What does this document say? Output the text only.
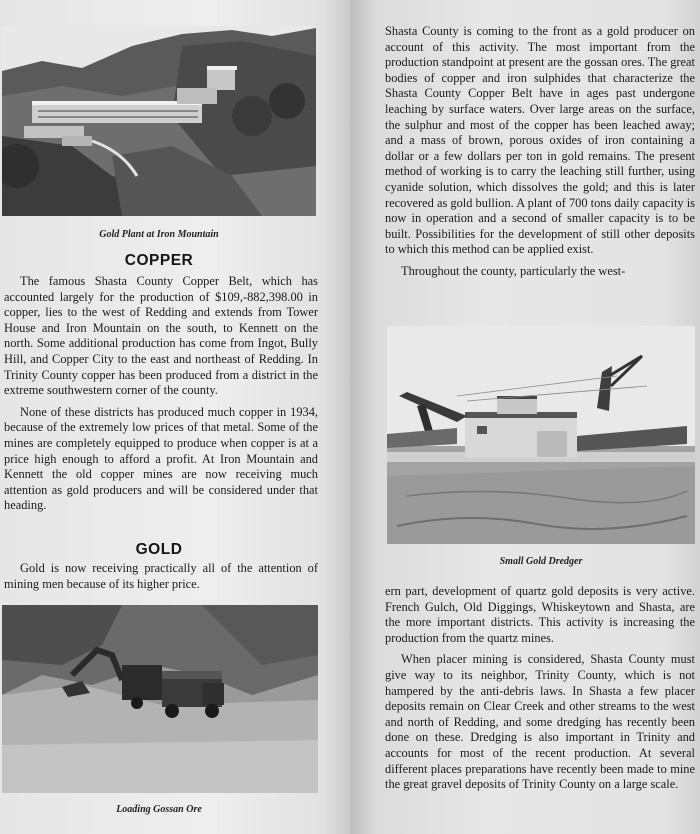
Gold Plant at Iron Mountain
COPPER

The famous Shasta County Copper Belt, which has accounted largely for the production of $109,-882,398.00 in copper, lies to the west of Redding and extends from Tower House and Iron Mountain on the south, to Kennett on the north. Some additional production has come from Ingot, Bully Hill, and Copper City to the east and northeast of Redding. In Trinity County copper has been produced from a district in the extreme southwestern corner of the county.

None of these districts has produced much copper in 1934, because of the extremely low prices of that metal. Some of the mines are completely equipped to produce when copper is at a price high enough to afford a profit. At Iron Mountain and Kennett the old copper mines are now receiving much attention as gold producers and will be considered under that heading.

GOLD

Gold is now receiving practically all of the attention of mining men because of its higher price.

Loading Gossan Ore

Shasta County is coming to the front as a gold producer on account of this activity. The most important from the production standpoint at present are the gossan ores. The great bodies of copper and iron sulphides that characterize the Shasta County Copper Belt have in ages past undergone leaching by surface waters. Over large areas on the surface, the sulphur and most of the copper has been leached away; and a mass of brown, porous oxides of iron containing a dollar or a few dollars per ton in gold remains. The present method of working is to carry the leaching still further, using cyanide solution, which dissolves the gold; and this is later recovered as gold bullion. A plant of 700 tons daily capacity is now in operation and a second of smaller capacity is to be built. Possibilities for the development of still other deposits to which this method can be applied exist.

Throughout the county, particularly the west-

Small Gold Dredger

ern part, development of quartz gold deposits is very active. French Gulch, Old Diggings, Whiskeytown and Shasta, are the more important districts. This activity is increasing the production from the quartz mines.

When placer mining is considered, Shasta County must give way to its neighbor, Trinity County, which is not hampered by the anti-debris laws. In Shasta a few placer deposits remain on Clear Creek and other streams to the west and north of Redding, and some dredging has recently been done on these. Dredging is also important in Trinity and accounts for most of the recent production. At several different places preparations have recently been made to mine the great gravel deposits of Trinity County on a large scale.
